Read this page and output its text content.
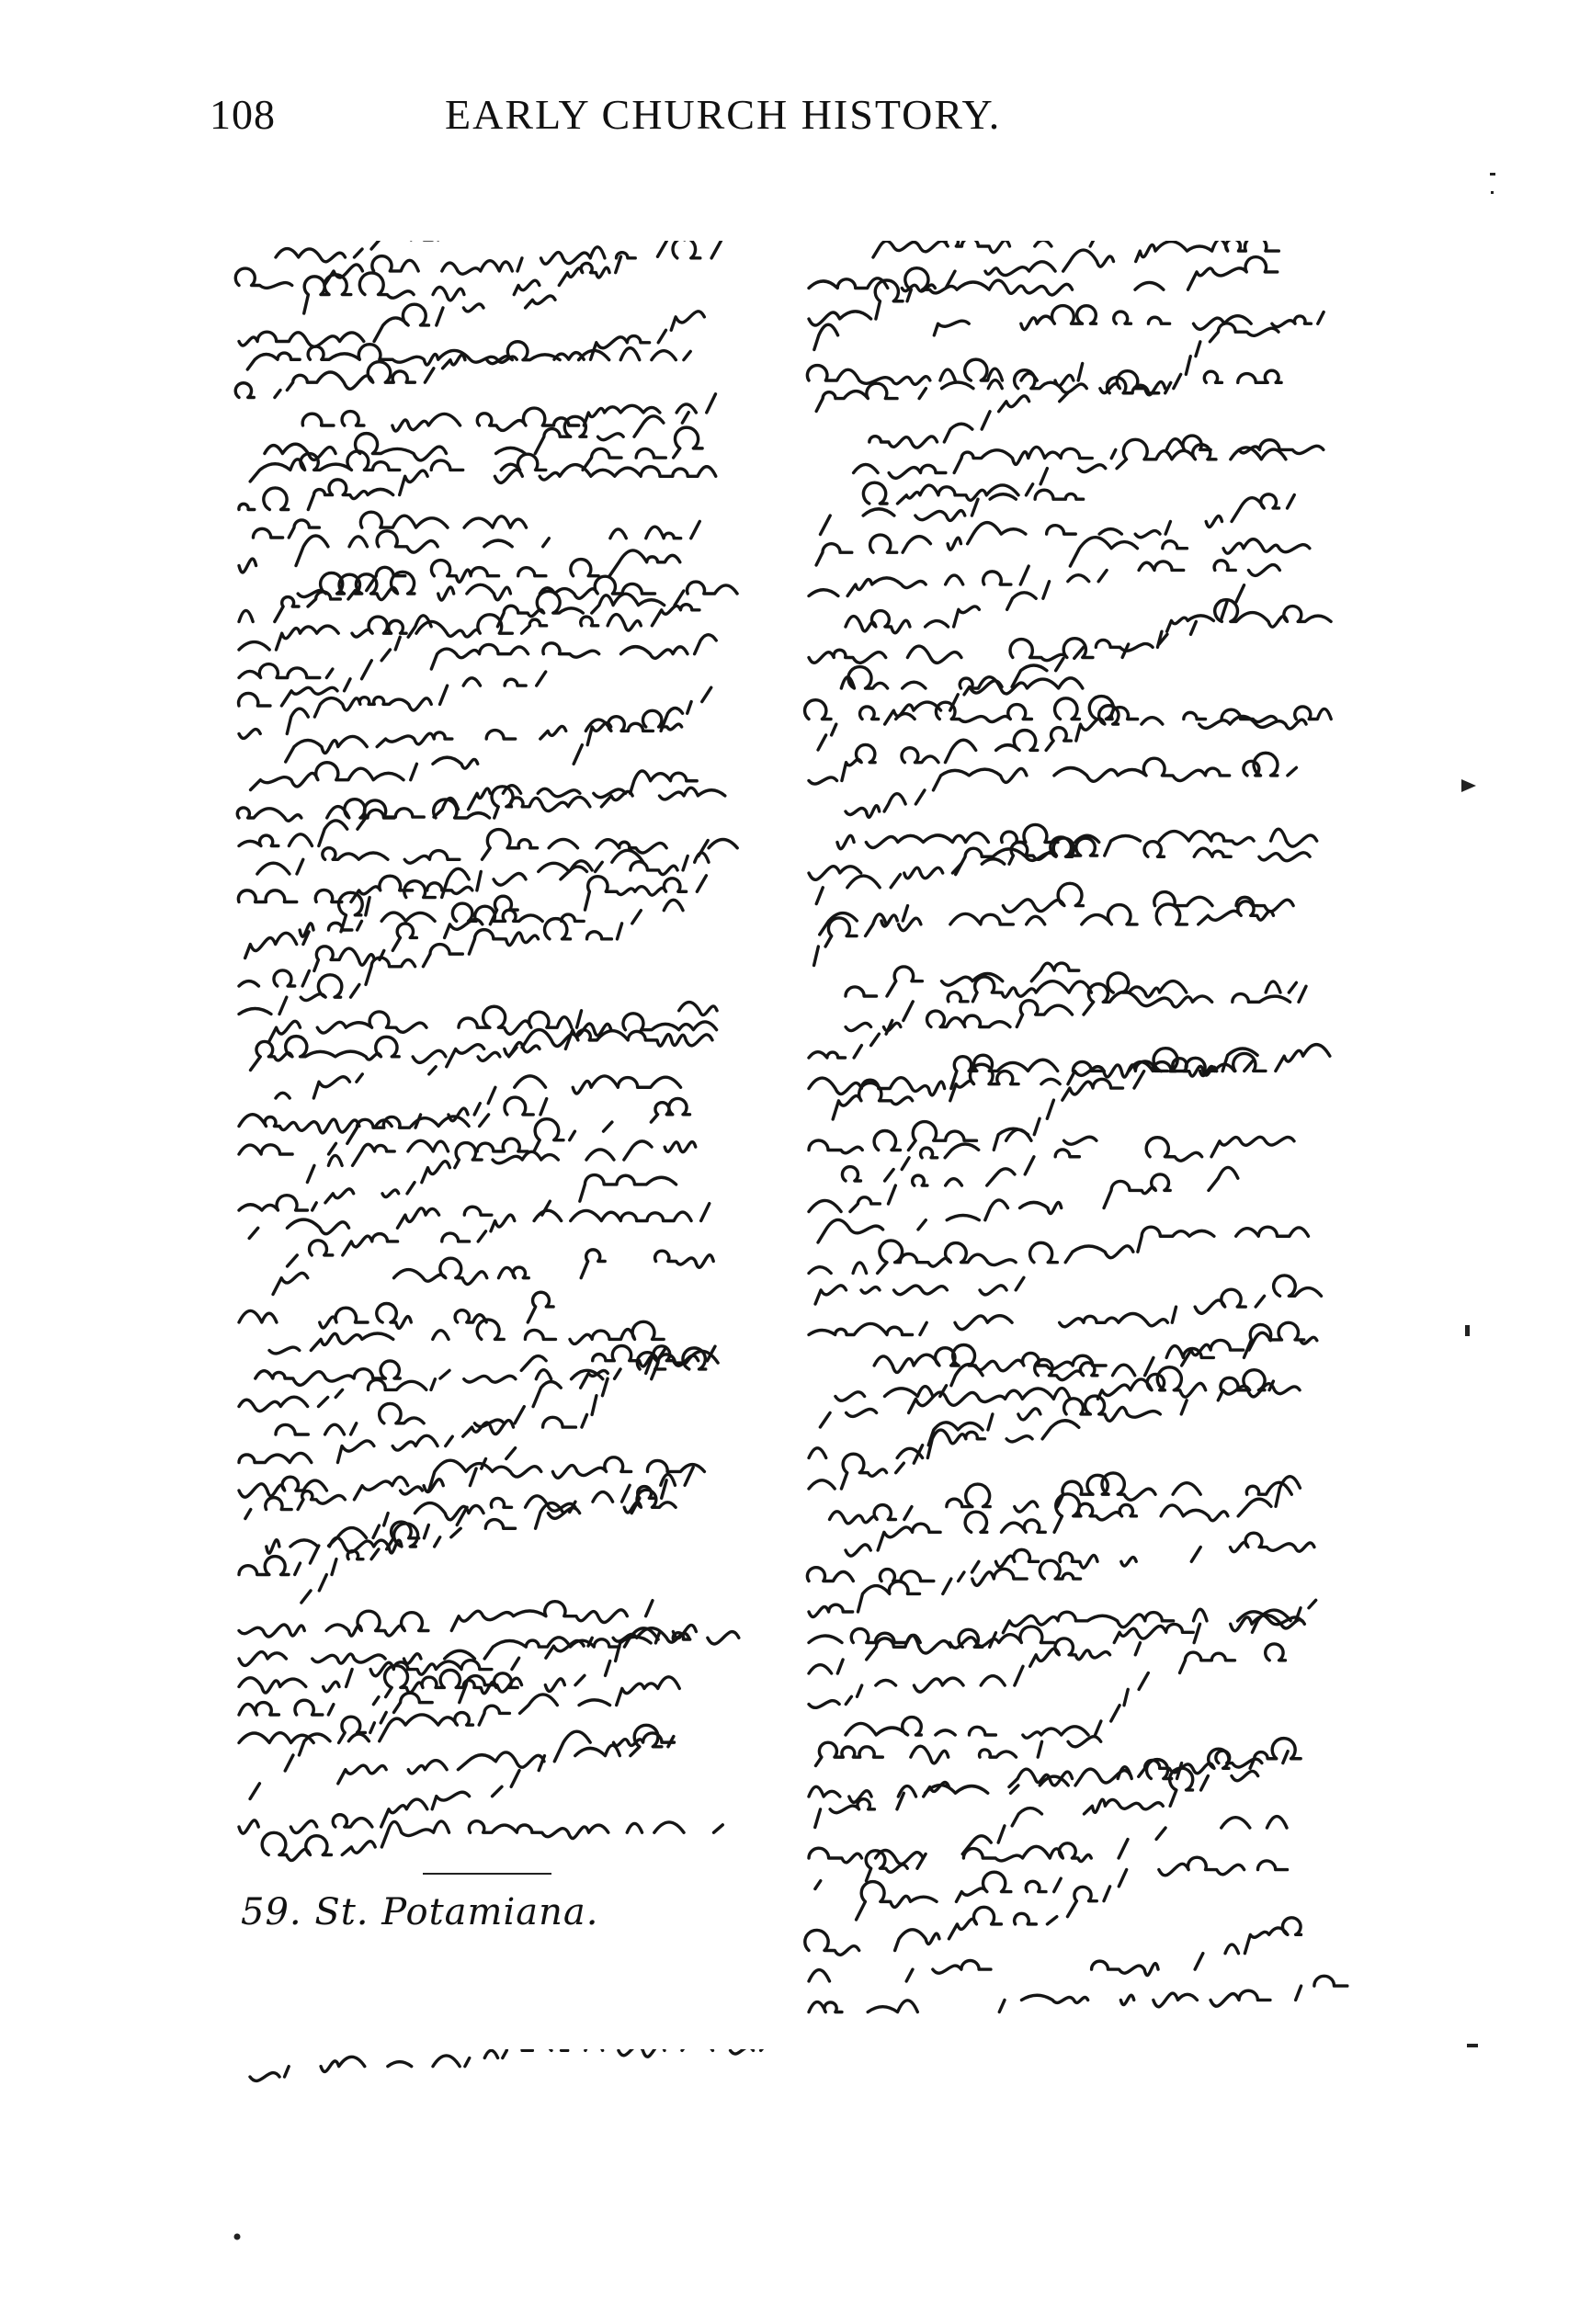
108	EARLY CHURCH HISTORY.
59. St. Potamiana.
